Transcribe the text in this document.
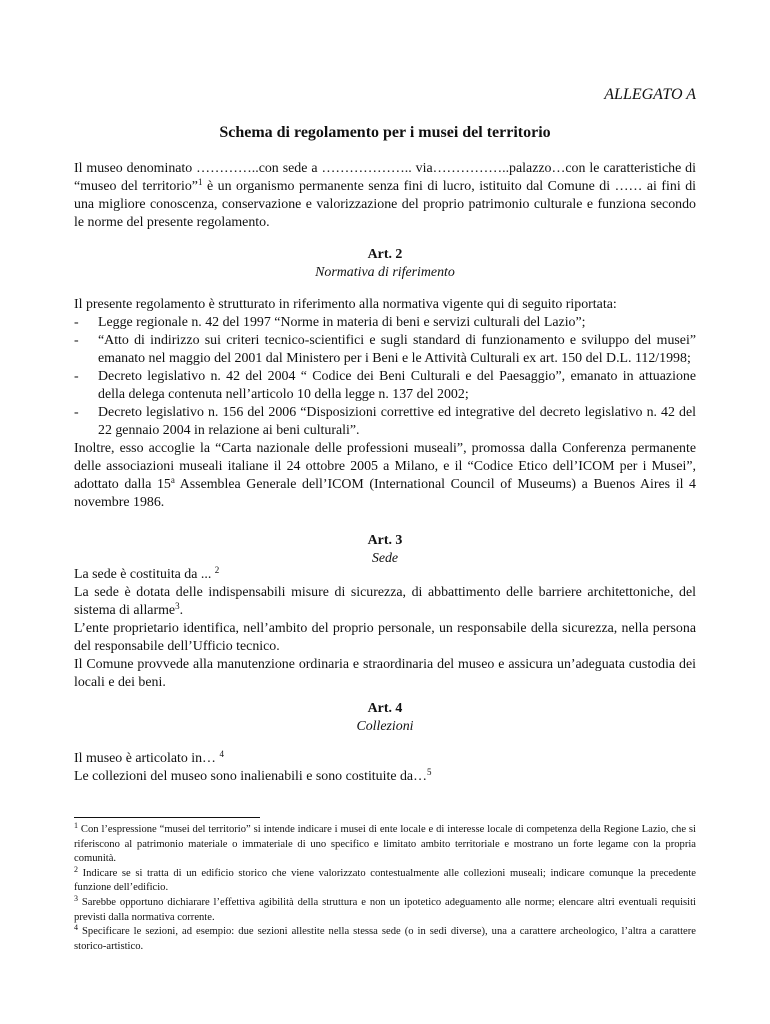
ALLEGATO A
Schema di regolamento per i musei del territorio
Il museo denominato …………..con sede a ……………….. via……………..palazzo…con le caratteristiche di “museo del territorio”$^1$ è un organismo permanente senza fini di lucro, istituito dal Comune di …… ai fini di una migliore conoscenza, conservazione e valorizzazione del proprio patrimonio culturale e funziona secondo le norme del presente regolamento.
Art. 2
Normativa di riferimento
Il presente regolamento è strutturato in riferimento alla normativa vigente qui di seguito riportata:
- Legge regionale n. 42 del 1997 “Norme in materia di beni e servizi culturali del Lazio”;
- “Atto di indirizzo sui criteri tecnico-scientifici e sugli standard di funzionamento e sviluppo del musei” emanato nel maggio del 2001 dal Ministero per i Beni e le Attività Culturali ex art. 150 del D.L. 112/1998;
- Decreto legislativo n. 42 del 2004 “ Codice dei Beni Culturali e del Paesaggio”, emanato in attuazione della delega contenuta nell’articolo 10 della legge n. 137 del 2002;
- Decreto legislativo n. 156 del 2006 “Disposizioni correttive ed integrative del decreto legislativo n. 42 del 22 gennaio 2004 in relazione ai beni culturali”.
Inoltre, esso accoglie la “Carta nazionale delle professioni museali”, promossa dalla Conferenza permanente delle associazioni museali italiane il 24 ottobre 2005 a Milano, e il “Codice Etico dell’ICOM per i Musei”, adottato dalla 15$^a$ Assemblea Generale dell’ICOM (International Council of Museums) a Buenos Aires il 4 novembre 1986.
Art. 3
Sede
La sede è costituita da ... $^2$
La sede è dotata delle indispensabili misure di sicurezza, di abbattimento delle barriere architettoniche, del sistema di allarme$^3$.
L’ente proprietario identifica, nell’ambito del proprio personale, un responsabile della sicurezza, nella persona del responsabile dell’Ufficio tecnico.
Il Comune provvede alla manutenzione ordinaria e straordinaria del museo e assicura un’adeguata custodia dei locali e dei beni.
Art. 4
Collezioni
Il museo è articolato in… $^4$
Le collezioni del museo sono inalienabili e sono costituite da…$^5$
$^1$ Con l’espressione “musei del territorio” si intende indicare i musei di ente locale e di interesse locale di competenza della Regione Lazio, che si riferiscono al patrimonio materiale o immateriale di uno specifico e limitato ambito territoriale e mostrano un forte legame con la propria comunità.
$^2$ Indicare se si tratta di un edificio storico che viene valorizzato contestualmente alle collezioni museali; indicare comunque la precedente funzione dell’edificio.
$^3$ Sarebbe opportuno dichiarare l’effettiva agibilità della struttura e non un ipotetico adeguamento alle norme; elencare altri eventuali requisiti previsti dalla normativa corrente.
$^4$ Specificare le sezioni, ad esempio: due sezioni allestite nella stessa sede (o in sedi diverse), una a carattere archeologico, l’altra a carattere storico-artistico.
